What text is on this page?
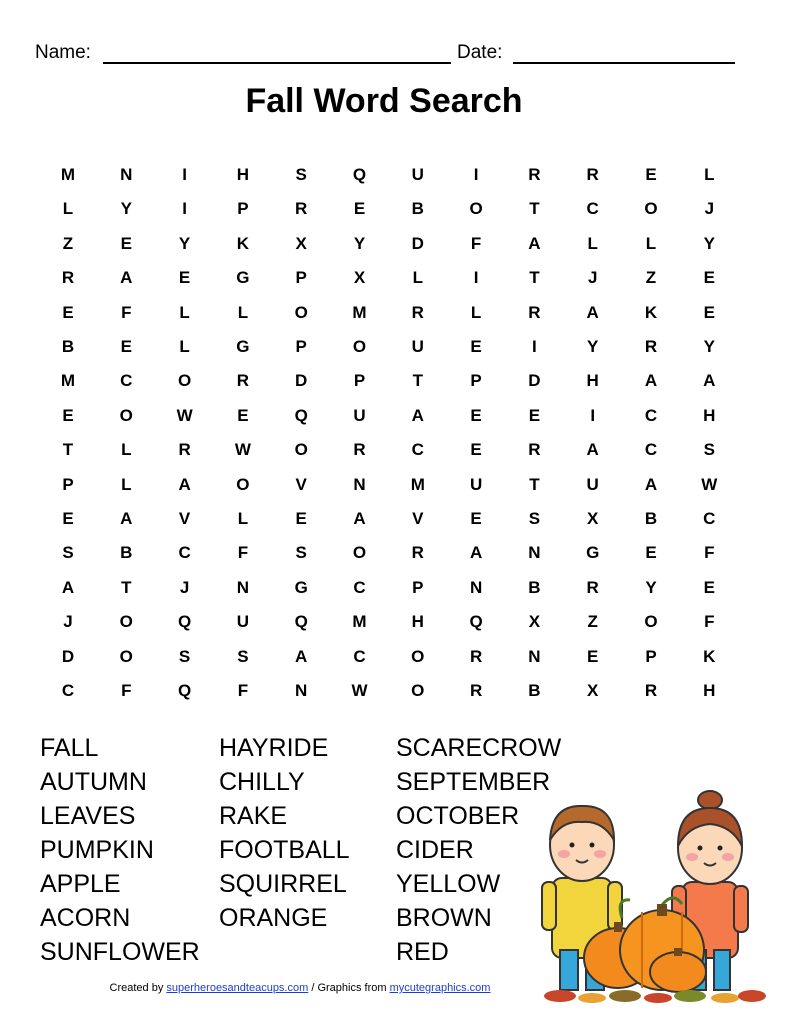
Name:	Date:
Fall Word Search
M	N	I	H	S	Q	U	I	R	R	E	L
L	Y	I	P	R	E	B	O	T	C	O	J
Z	E	Y	K	X	Y	D	F	A	L	L	Y
R	A	E	G	P	X	L	I	T	J	Z	E
E	F	L	L	O	M	R	L	R	A	K	E
B	E	L	G	P	O	U	E	I	Y	R	Y
M	C	O	R	D	P	T	P	D	H	A	A
E	O	W	E	Q	U	A	E	E	I	C	H
T	L	R	W	O	R	C	E	R	A	C	S
P	L	A	O	V	N	M	U	T	U	A	W
E	A	V	L	E	A	V	E	S	X	B	C
S	B	C	F	S	O	R	A	N	G	E	F
A	T	J	N	G	C	P	N	B	R	Y	E
J	O	Q	U	Q	M	H	Q	X	Z	O	F
D	O	S	S	A	C	O	R	N	E	P	K
C	F	Q	F	N	W	O	R	B	X	R	H
FALL
AUTUMN
LEAVES
PUMPKIN
APPLE
ACORN
SUNFLOWER
HAYRIDE
CHILLY
RAKE
FOOTBALL
SQUIRREL
ORANGE
SCARECROW
SEPTEMBER
OCTOBER
CIDER
YELLOW
BROWN
RED
Created by superheroesandteacups.com / Graphics from mycutegraphics.com
